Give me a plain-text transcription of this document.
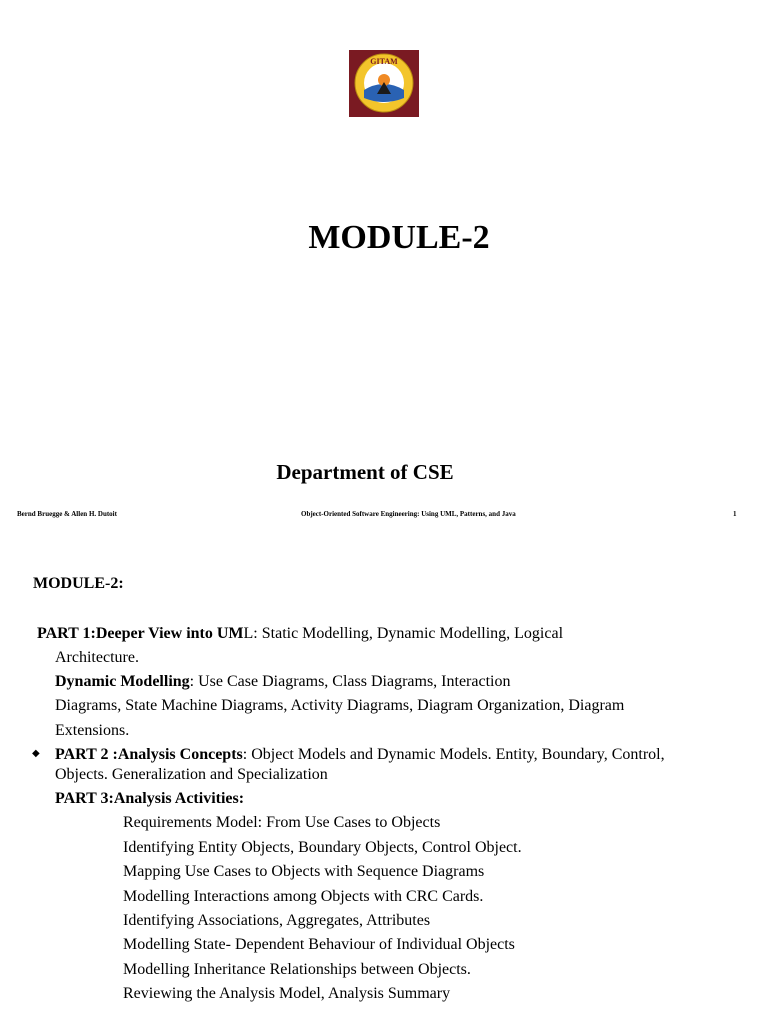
GITAM
MODULE-2
Department of CSE
Bernd Bruegge & Allen H. Dutoit	Object-Oriented Software Engineering: Using UML, Patterns, and Java	1
MODULE-2:
PART 1:Deeper View into UML: Static Modelling, Dynamic Modelling, Logical
Architecture.
Dynamic Modelling: Use Case Diagrams, Class Diagrams, Interaction
Diagrams, State Machine Diagrams, Activity Diagrams, Diagram Organization, Diagram
Extensions.
◆ PART 2 :Analysis Concepts: Object Models and Dynamic Models. Entity, Boundary, Control,
Objects. Generalization and Specialization
PART 3:Analysis Activities:
Requirements Model: From Use Cases to Objects
Identifying Entity Objects, Boundary Objects, Control Object.
Mapping Use Cases to Objects with Sequence Diagrams
Modelling Interactions among Objects with CRC Cards.
Identifying Associations, Aggregates, Attributes
Modelling State- Dependent Behaviour of Individual Objects
Modelling Inheritance Relationships between Objects.
Reviewing the Analysis Model, Analysis Summary
